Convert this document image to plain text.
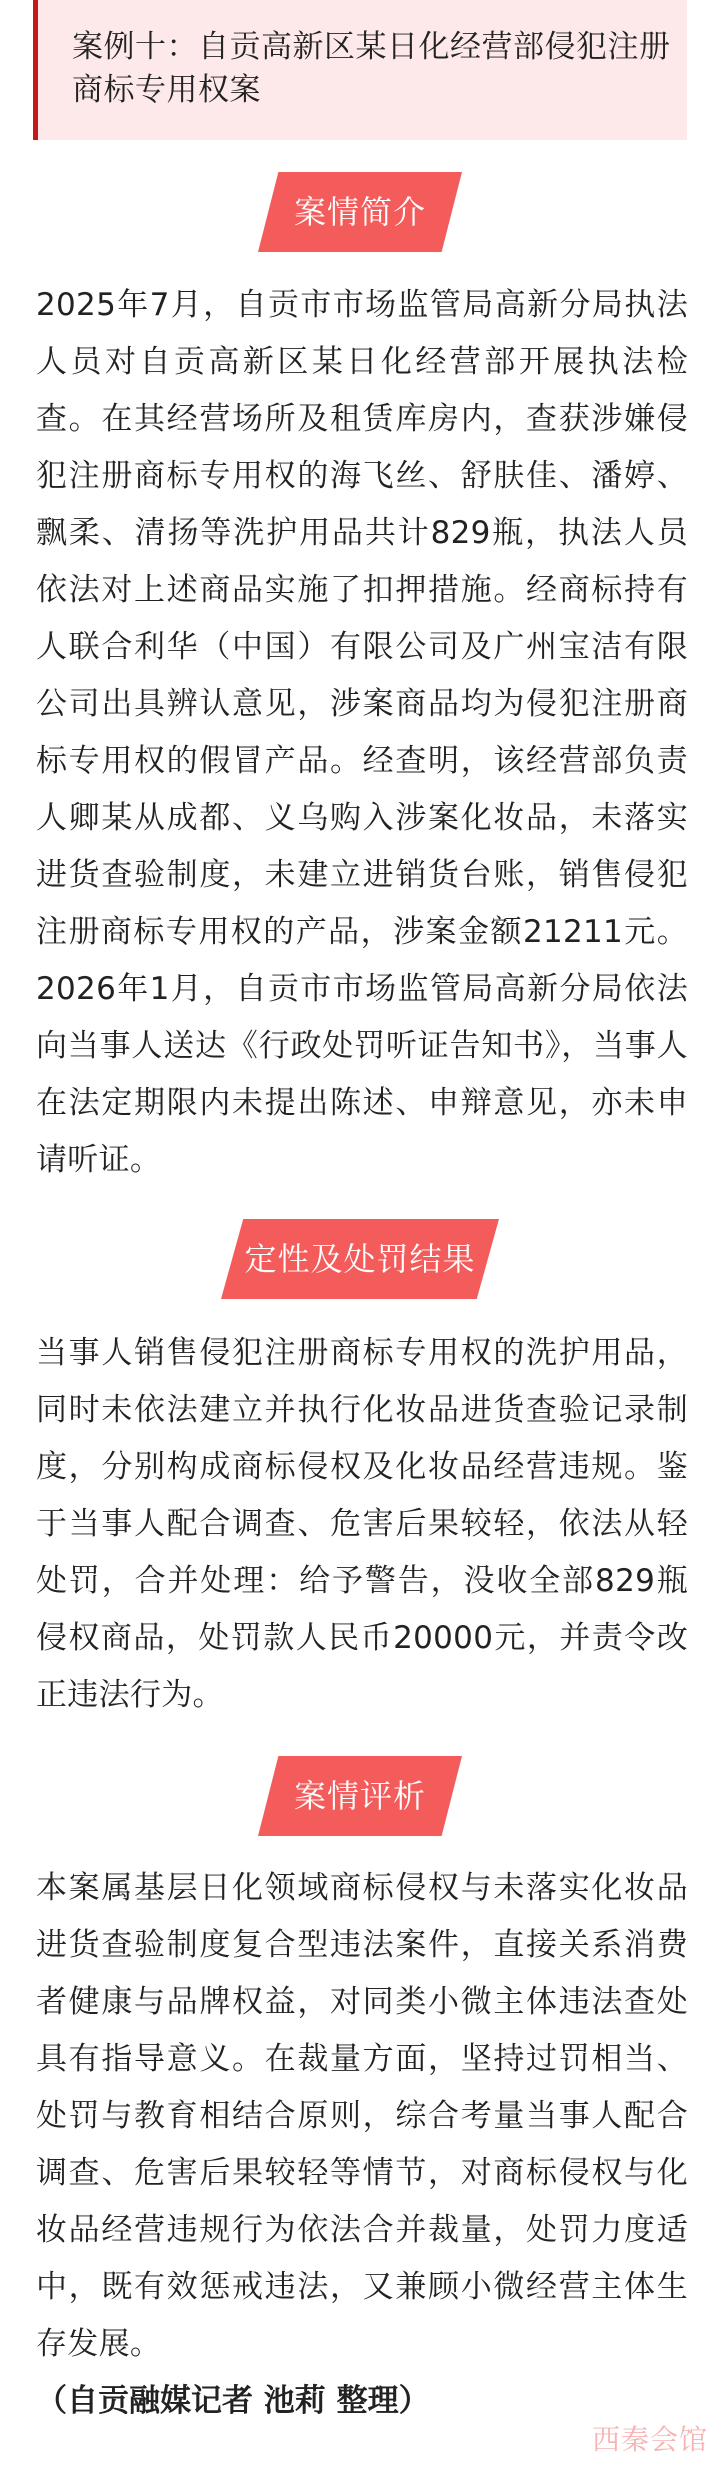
案例十：自贡高新区某日化经营部侵犯注册商标专用权案
案情简介

2025年7月，自贡市市场监管局高新分局执法人员对自贡高新区某日化经营部开展执法检查。在其经营场所及租赁库房内，查获涉嫌侵犯注册商标专用权的海飞丝、舒肤佳、潘婷、飘柔、清扬等洗护用品共计829瓶，执法人员依法对上述商品实施了扣押措施。经商标持有人联合利华（中国）有限公司及广州宝洁有限公司出具辨认意见，涉案商品均为侵犯注册商标专用权的假冒产品。经查明，该经营部负责人卿某从成都、义乌购入涉案化妆品，未落实进货查验制度，未建立进销货台账，销售侵犯注册商标专用权的产品，涉案金额21211元。2026年1月，自贡市市场监管局高新分局依法向当事人送达《行政处罚听证告知书》，当事人在法定期限内未提出陈述、申辩意见，亦未申请听证。

定性及处罚结果

当事人销售侵犯注册商标专用权的洗护用品，同时未依法建立并执行化妆品进货查验记录制度，分别构成商标侵权及化妆品经营违规。鉴于当事人配合调查、危害后果较轻，依法从轻处罚，合并处理：给予警告，没收全部829瓶侵权商品，处罚款人民币20000元，并责令改正违法行为。

案情评析

本案属基层日化领域商标侵权与未落实化妆品进货查验制度复合型违法案件，直接关系消费者健康与品牌权益，对同类小微主体违法查处具有指导意义。在裁量方面，坚持过罚相当、处罚与教育相结合原则，综合考量当事人配合调查、危害后果较轻等情节，对商标侵权与化妆品经营违规行为依法合并裁量，处罚力度适中，既有效惩戒违法，又兼顾小微经营主体生存发展。

（自贡融媒记者 池莉 整理）

西秦会馆
